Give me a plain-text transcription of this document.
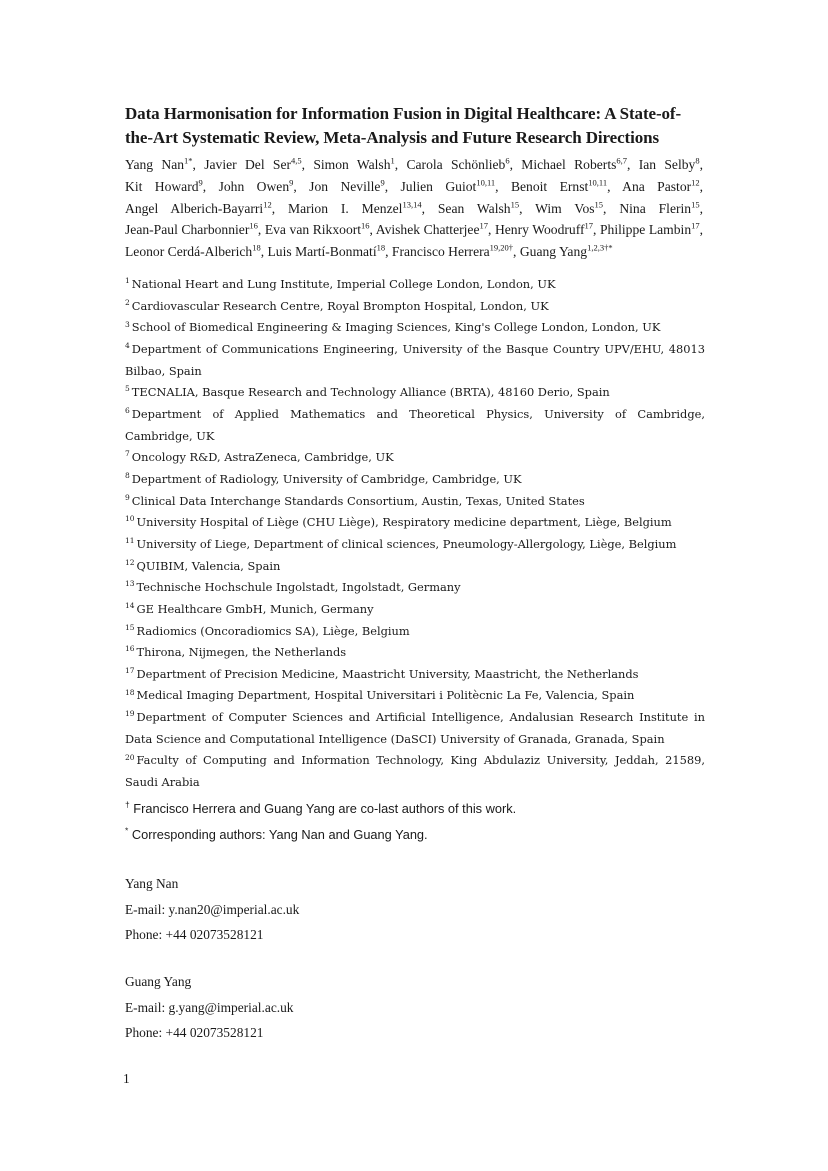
Data Harmonisation for Information Fusion in Digital Healthcare: A State-of-the-Art Systematic Review, Meta-Analysis and Future Research Directions

Yang Nan$^{1*}$, Javier Del Ser$^{4,5}$, Simon Walsh$^1$, Carola Schönlieb$^6$, Michael Roberts$^{6,7}$, Ian Selby$^8$, Kit Howard$^9$, John Owen$^9$, Jon Neville$^9$, Julien Guiot$^{10,11}$, Benoit Ernst$^{10,11}$, Ana Pastor$^{12}$, Angel Alberich-Bayarri$^{12}$, Marion I. Menzel$^{13,14}$, Sean Walsh$^{15}$, Wim Vos$^{15}$, Nina Flerin$^{15}$, Jean-Paul Charbonnier$^{16}$, Eva van Rikxoort$^{16}$, Avishek Chatterjee$^{17}$, Henry Woodruff$^{17}$, Philippe Lambin$^{17}$, Leonor Cerdá-Alberich$^{18}$, Luis Martí-Bonmatí$^{18}$, Francisco Herrera$^{19,20\dagger}$, Guang Yang$^{1,2,3\dagger*}$

$^1$ National Heart and Lung Institute, Imperial College London, London, UK
$^2$ Cardiovascular Research Centre, Royal Brompton Hospital, London, UK
$^3$ School of Biomedical Engineering & Imaging Sciences, King's College London, London, UK
$^4$ Department of Communications Engineering, University of the Basque Country UPV/EHU, 48013 Bilbao, Spain
$^5$ TECNALIA, Basque Research and Technology Alliance (BRTA), 48160 Derio, Spain
$^6$ Department of Applied Mathematics and Theoretical Physics, University of Cambridge, Cambridge, UK
$^7$ Oncology R&D, AstraZeneca, Cambridge, UK
$^8$ Department of Radiology, University of Cambridge, Cambridge, UK
$^9$ Clinical Data Interchange Standards Consortium, Austin, Texas, United States
$^{10}$ University Hospital of Liège (CHU Liège), Respiratory medicine department, Liège, Belgium
$^{11}$ University of Liege, Department of clinical sciences, Pneumology-Allergology, Liège, Belgium
$^{12}$ QUIBIM, Valencia, Spain
$^{13}$ Technische Hochschule Ingolstadt, Ingolstadt, Germany
$^{14}$ GE Healthcare GmbH, Munich, Germany
$^{15}$ Radiomics (Oncoradiomics SA), Liège, Belgium
$^{16}$ Thirona, Nijmegen, the Netherlands
$^{17}$ Department of Precision Medicine, Maastricht University, Maastricht, the Netherlands
$^{18}$ Medical Imaging Department, Hospital Universitari i Politècnic La Fe, Valencia, Spain
$^{19}$ Department of Computer Sciences and Artificial Intelligence, Andalusian Research Institute in Data Science and Computational Intelligence (DaSCI) University of Granada, Granada, Spain
$^{20}$ Faculty of Computing and Information Technology, King Abdulaziz University, Jeddah, 21589, Saudi Arabia

† Francisco Herrera and Guang Yang are co-last authors of this work.

* Corresponding authors: Yang Nan and Guang Yang.

Yang Nan

E-mail: y.nan20@imperial.ac.uk

Phone: +44 02073528121

Guang Yang

E-mail: g.yang@imperial.ac.uk

Phone: +44 02073528121

1
